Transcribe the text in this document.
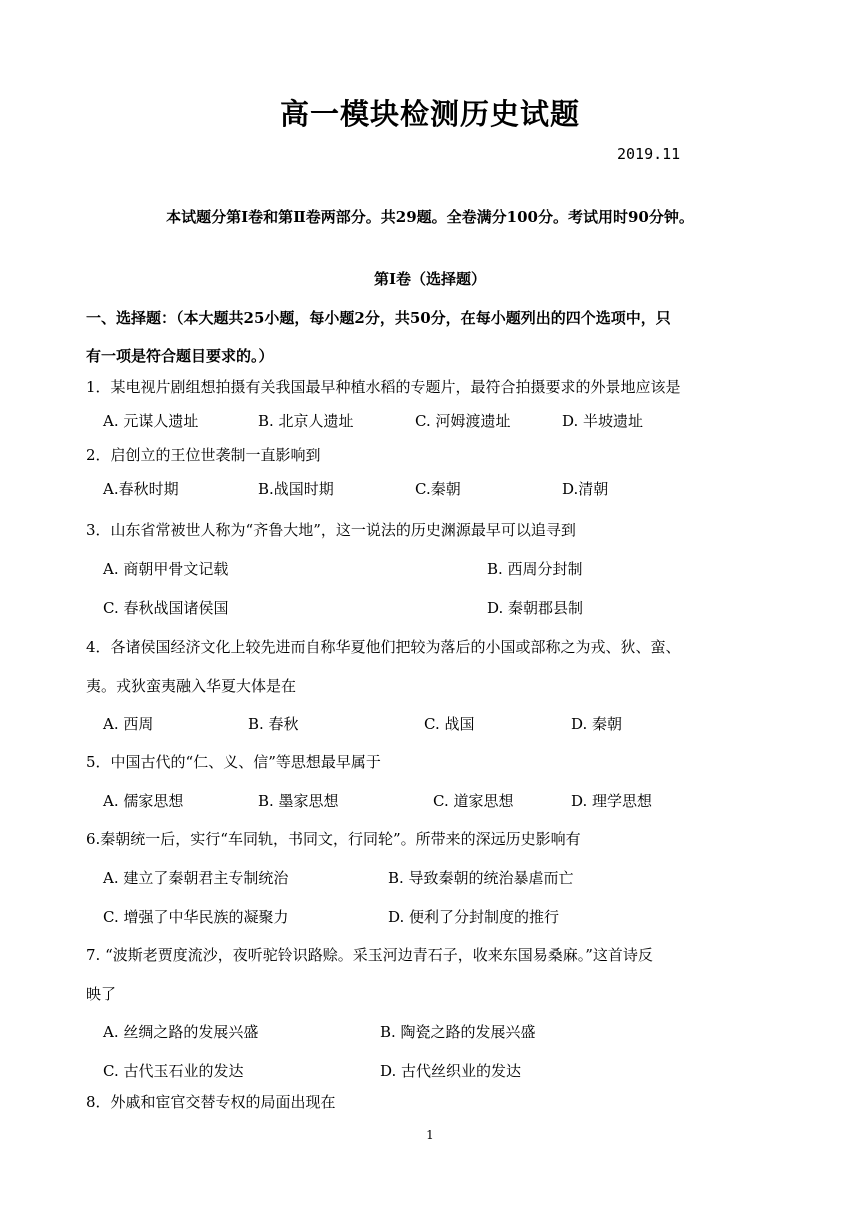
高一模块检测历史试题
2019.11
本试题分第Ⅰ卷和第Ⅱ卷两部分。共29题。全卷满分100分。考试用时90分钟。
第Ⅰ卷（选择题）
一、选择题：（本大题共25小题，每小题2分，共50分，在每小题列出的四个选项中，只
有一项是符合题目要求的。）
1．某电视片剧组想拍摄有关我国最早种植水稻的专题片，最符合拍摄要求的外景地应该是
A. 元谋人遗址	B. 北京人遗址	C. 河姆渡遗址	D. 半坡遗址
2．启创立的王位世袭制一直影响到
A.春秋时期	B.战国时期	C.秦朝	D.清朝
3．山东省常被世人称为“齐鲁大地”，这一说法的历史渊源最早可以追寻到
A. 商朝甲骨文记载	B. 西周分封制
C. 春秋战国诸侯国	D. 秦朝郡县制
4．各诸侯国经济文化上较先进而自称华夏他们把较为落后的小国或部称之为戎、狄、蛮、
夷。戎狄蛮夷融入华夏大体是在
A. 西周	B. 春秋	C. 战国	D. 秦朝
5．中国古代的“仁、义、信”等思想最早属于
A. 儒家思想	B. 墨家思想	C. 道家思想	D. 理学思想
6.秦朝统一后，实行“车同轨，书同文，行同轮”。所带来的深远历史影响有
A. 建立了秦朝君主专制统治	B. 导致秦朝的统治暴虐而亡
C. 增强了中华民族的凝聚力	D. 便利了分封制度的推行
7. “波斯老贾度流沙，夜听驼铃识路赊。采玉河边青石子，收来东国易桑麻。”这首诗反
映了
A. 丝绸之路的发展兴盛	B. 陶瓷之路的发展兴盛
C. 古代玉石业的发达	D. 古代丝织业的发达
8．外戚和宦官交替专权的局面出现在
1
